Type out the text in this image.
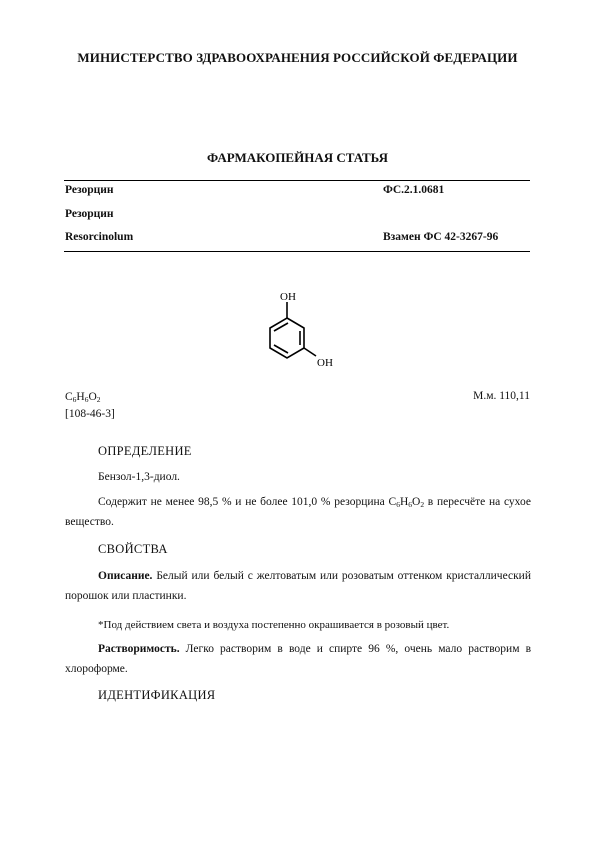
МИНИСТЕРСТВО ЗДРАВООХРАНЕНИЯ РОССИЙСКОЙ ФЕДЕРАЦИИ
ФАРМАКОПЕЙНАЯ СТАТЬЯ
Резорцин	ФС.2.1.0681
Резорцин
Resorcinolum	Взамен ФС 42-3267-96
OH
OH
$C_6H_6O_2$
[108-46-3]
М.м. 110,11
ОПРЕДЕЛЕНИЕ
Бензол-1,3-диол.
Содержит не менее 98,5 % и не более 101,0 % резорцина $C_6H_6O_2$ в пересчёте на сухое вещество.
СВОЙСТВА
Описание. Белый или белый с желтоватым или розоватым оттенком кристаллический порошок или пластинки.
*Под действием света и воздуха постепенно окрашивается в розовый цвет.
Растворимость. Легко растворим в воде и спирте 96 %, очень мало растворим в хлороформе.
ИДЕНТИФИКАЦИЯ
